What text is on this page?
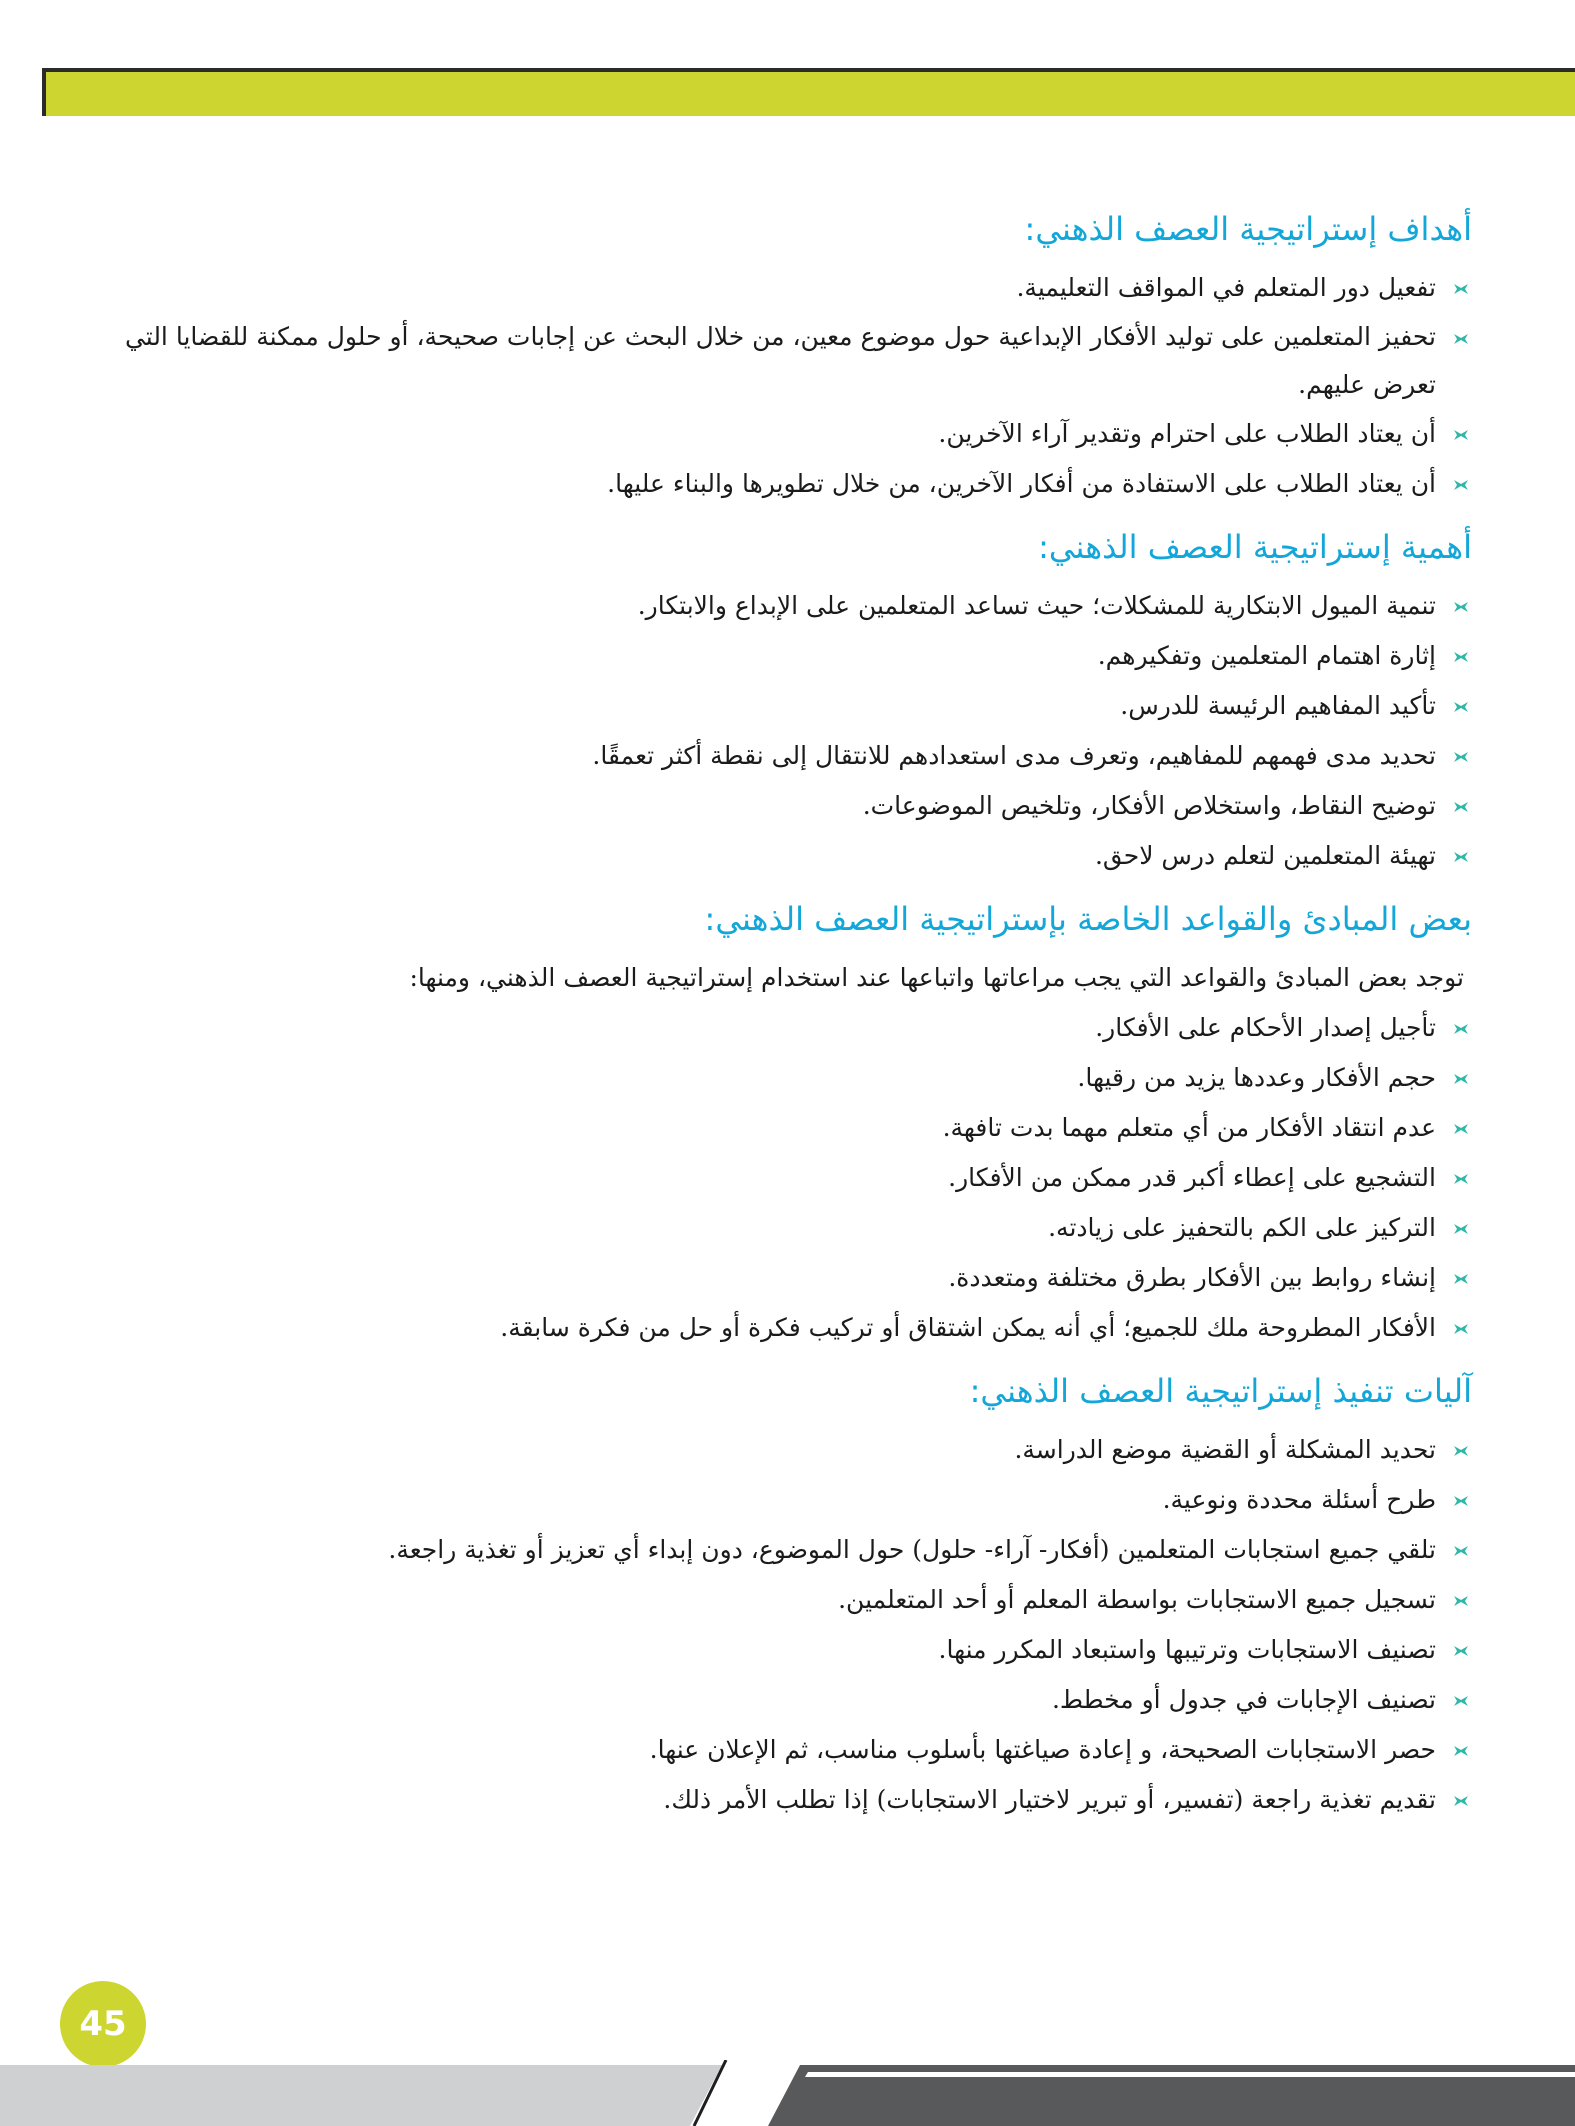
أهداف إستراتيجية العصف الذهني:
تفعيل دور المتعلم في المواقف التعليمية.
تحفيز المتعلمين على توليد الأفكار الإبداعية حول موضوع معين، من خلال البحث عن إجابات صحيحة، أو حلول ممكنة للقضايا التي تعرض عليهم.
أن يعتاد الطلاب على احترام وتقدير آراء الآخرين.
أن يعتاد الطلاب على الاستفادة من أفكار الآخرين، من خلال تطويرها والبناء عليها.
أهمية إستراتيجية العصف الذهني:
تنمية الميول الابتكارية للمشكلات؛ حيث تساعد المتعلمين على الإبداع والابتكار.
إثارة اهتمام المتعلمين وتفكيرهم.
تأكيد المفاهيم الرئيسة للدرس.
تحديد مدى فهمهم للمفاهيم، وتعرف مدى استعدادهم للانتقال إلى نقطة أكثر تعمقًا.
توضيح النقاط، واستخلاص الأفكار، وتلخيص الموضوعات.
تهيئة المتعلمين لتعلم درس لاحق.
بعض المبادئ والقواعد الخاصة بإستراتيجية العصف الذهني:

توجد بعض المبادئ والقواعد التي يجب مراعاتها واتباعها عند استخدام إستراتيجية العصف الذهني، ومنها:

تأجيل إصدار الأحكام على الأفكار.
حجم الأفكار وعددها يزيد من رقيها.
عدم انتقاد الأفكار من أي متعلم مهما بدت تافهة.
التشجيع على إعطاء أكبر قدر ممكن من الأفكار.
التركيز على الكم بالتحفيز على زيادته.
إنشاء روابط بين الأفكار بطرق مختلفة ومتعددة.
الأفكار المطروحة ملك للجميع؛ أي أنه يمكن اشتقاق أو تركيب فكرة أو حل من فكرة سابقة.
آليات تنفيذ إستراتيجية العصف الذهني:
تحديد المشكلة أو القضية موضع الدراسة.
طرح أسئلة محددة ونوعية.
تلقي جميع استجابات المتعلمين (أفكار- آراء- حلول) حول الموضوع، دون إبداء أي تعزيز أو تغذية راجعة.
تسجيل جميع الاستجابات بواسطة المعلم أو أحد المتعلمين.
تصنيف الاستجابات وترتيبها واستبعاد المكرر منها.
تصنيف الإجابات في جدول أو مخطط.
حصر الاستجابات الصحيحة، و إعادة صياغتها بأسلوب مناسب، ثم الإعلان عنها.
تقديم تغذية راجعة (تفسير، أو تبرير لاختيار الاستجابات) إذا تطلب الأمر ذلك.
45
